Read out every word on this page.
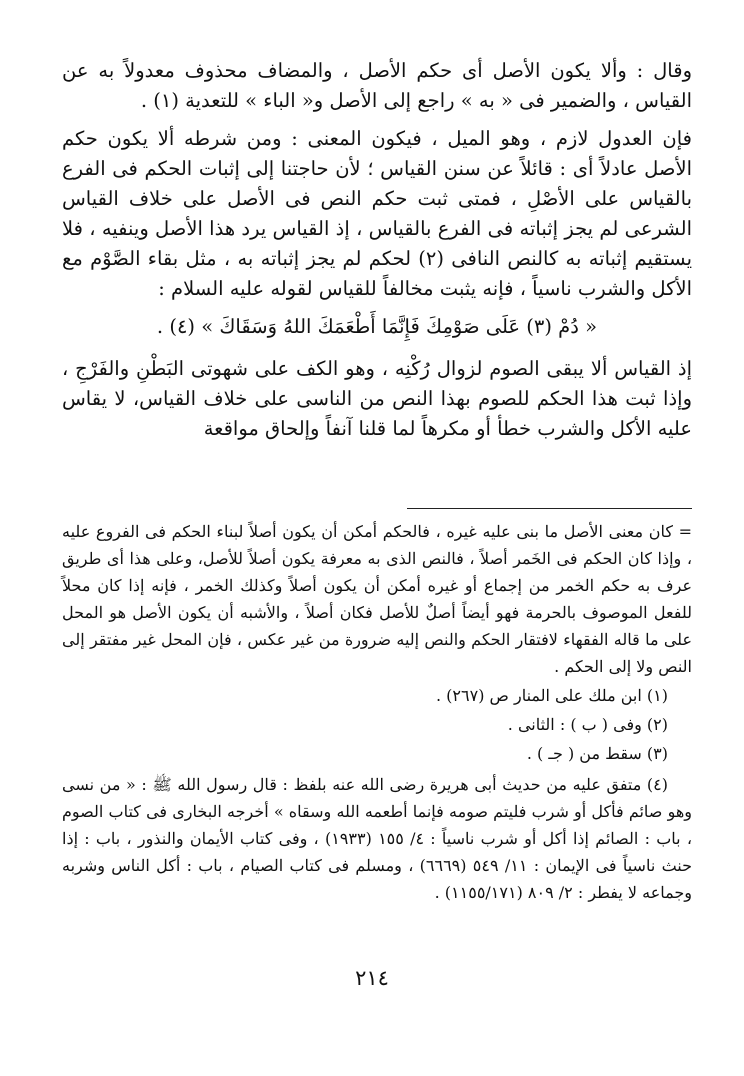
وقال : وألا يكون الأصل أى حكم الأصل ، والمضاف محذوف معدولاً به عن القياس ، والضمير فى « به » راجع إلى الأصل و« الباء » للتعدية (١) .

فإن العدول لازم ، وهو الميل ، فيكون المعنى : ومن شرطه ألا يكون حكم الأصل عادلاً أى : قائلاً عن سنن القياس ؛ لأن حاجتنا إلى إثبات الحكم فى الفرع بالقياس على الأصْلِ ، فمتى ثبت حكم النص فى الأصل على خلاف القياس الشرعى لم يجز إثباته فى الفرع بالقياس ، إذ القياس يرد هذا الأصل وينفيه ، فلا يستقيم إثباته به كالنص النافى (٢) لحكم لم يجز إثباته به ، مثل بقاء الصَّوْم مع الأكل والشرب ناسياً ، فإنه يثبت مخالفاً للقياس لقوله عليه السلام :

« دُمْ (٣) عَلَى صَوْمِكَ فَإِنَّمَا أَطْعَمَكَ اللهُ وَسَقَاكَ » (٤) .

إذ القياس ألا يبقى الصوم لزوال رُكْنِه ، وهو الكف على شهوتى البَطْنِ والفَرْجِ ، وإذا ثبت هذا الحكم للصوم بهذا النص من الناسى على خلاف القياس، لا يقاس عليه الأكل والشرب خطأ أو مكرهاً لما قلنا آنفاً وإلحاق مواقعة

= كان معنى الأصل ما بنى عليه غيره ، فالحكم أمكن أن يكون أصلاً لبناء الحكم فى الفروع عليه ، وإذا كان الحكم فى الخَمر أصلاً ، فالنص الذى به معرفة يكون أصلاً للأصل، وعلى هذا أى طريق عرف به حكم الخمر من إجماع أو غيره أمكن أن يكون أصلاً وكذلك الخمر ، فإنه إذا كان محلاً للفعل الموصوف بالحرمة فهو أيضاً أصلٌ للأصل فكان أصلاً ، والأشبه أن يكون الأصل هو المحل على ما قاله الفقهاء لافتقار الحكم والنص إليه ضرورة من غير عكس ، فإن المحل غير مفتقر إلى النص ولا إلى الحكم .

(١) ابن ملك على المنار ص (٢٦٧) .

(٢) وفى ( ب ) : الثانى .

(٣) سقط من ( جـ ) .

(٤) متفق عليه من حديث أبى هريرة رضى الله عنه بلفظ : قال رسول الله ﷺ : « من نسى وهو صائم فأكل أو شرب فليتم صومه فإنما أطعمه الله وسقاه » أخرجه البخارى فى كتاب الصوم ، باب : الصائم إذا أكل أو شرب ناسياً : ٤/ ١٥٥ (١٩٣٣) ، وفى كتاب الأيمان والنذور ، باب : إذا حنث ناسياً فى الإيمان : ١١/ ٥٤٩ (٦٦٦٩) ، ومسلم فى كتاب الصيام ، باب : أكل الناس وشربه وجماعه لا يفطر : ٢/ ٨٠٩ (١١٥٥/١٧١) .

٢١٤
